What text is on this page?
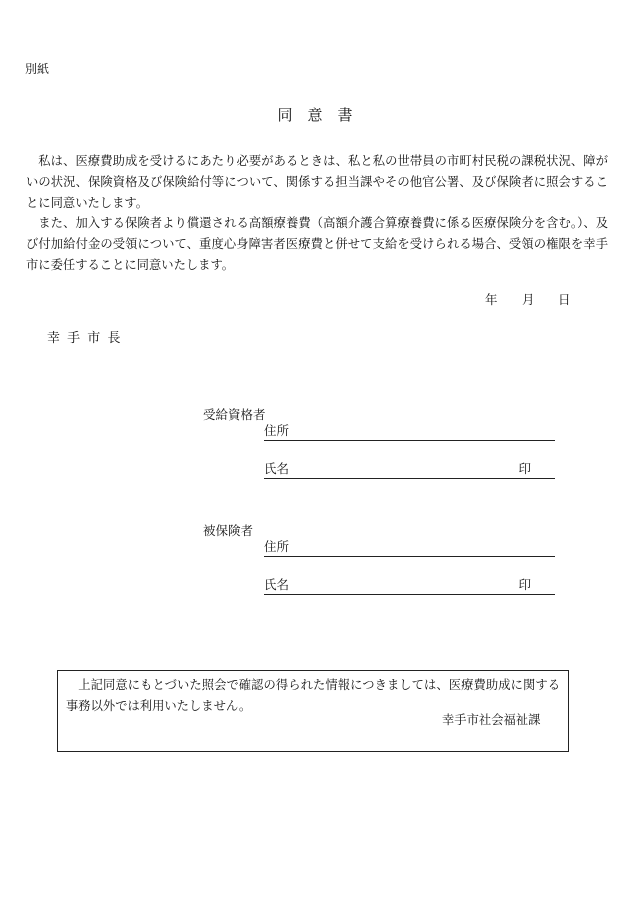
別紙
同　意　書

私は、医療費助成を受けるにあたり必要があるときは、私と私の世帯員の市町村民税の課税状況、障がいの状況、保険資格及び保険給付等について、関係する担当課やその他官公署、及び保険者に照会することに同意いたします。

また、加入する保険者より償還される高額療養費（高額介護合算療養費に係る医療保険分を含む。）、及び付加給付金の受領について、重度心身障害者医療費と併せて支給を受けられる場合、受領の権限を幸手市に委任することに同意いたします。

年 月 日
幸手市長
受給資格者
住所
氏名	印
被保険者
住所
氏名	印
上記同意にもとづいた照会で確認の得られた情報につきましては、医療費助成に関する事務以外では利用いたしません。
幸手市社会福祉課
